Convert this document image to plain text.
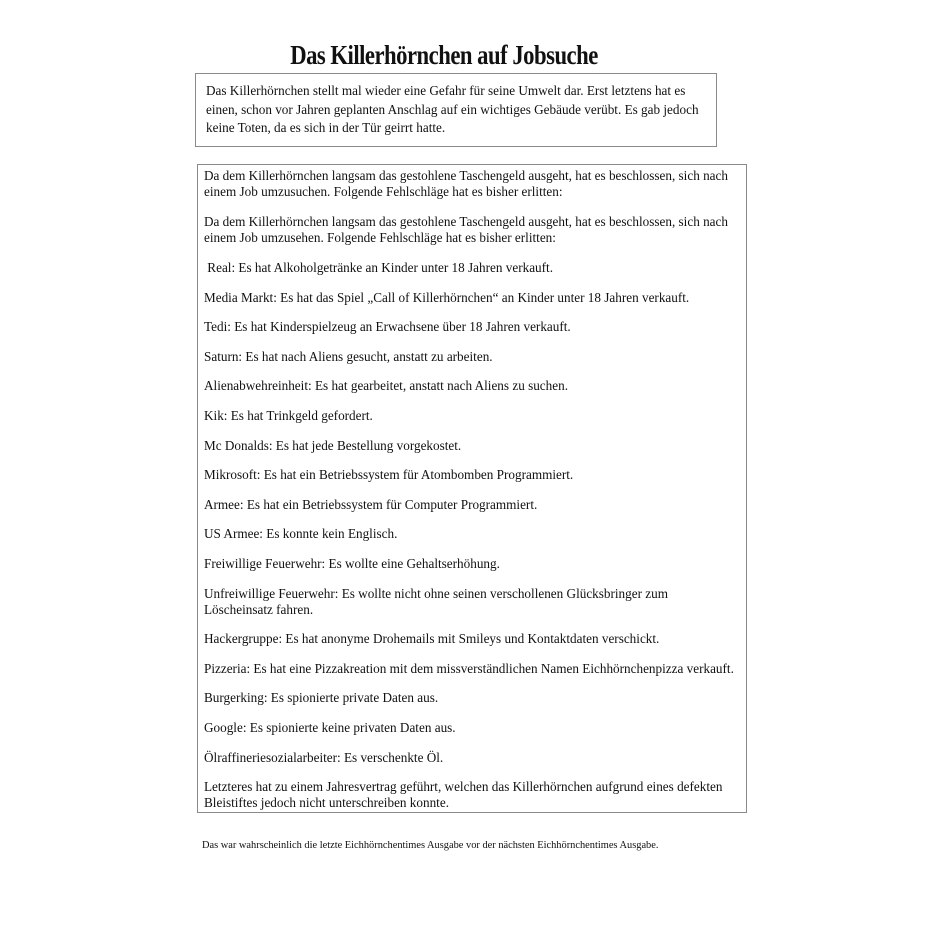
Das Killerhörnchen auf Jobsuche

Das Killerhörnchen stellt mal wieder eine Gefahr für seine Umwelt dar. Erst letztens hat es einen, schon vor Jahren geplanten Anschlag auf ein wichtiges Gebäude verübt. Es gab jedoch keine Toten, da es sich in der Tür geirrt hatte.

Da dem Killerhörnchen langsam das gestohlene Taschengeld ausgeht, hat es beschlossen, sich nach einem Job umzusuchen. Folgende Fehlschläge hat es bisher erlitten:

Da dem Killerhörnchen langsam das gestohlene Taschengeld ausgeht, hat es beschlossen, sich nach einem Job umzusehen. Folgende Fehlschläge hat es bisher erlitten:

Real: Es hat Alkoholgetränke an Kinder unter 18 Jahren verkauft.
Media Markt: Es hat das Spiel „Call of Killerhörnchen“ an Kinder unter 18 Jahren verkauft.
Tedi: Es hat Kinderspielzeug an Erwachsene über 18 Jahren verkauft.
Saturn: Es hat nach Aliens gesucht, anstatt zu arbeiten.
Alienabwehreinheit: Es hat gearbeitet, anstatt nach Aliens zu suchen.
Kik: Es hat Trinkgeld gefordert.
Mc Donalds: Es hat jede Bestellung vorgekostet.
Mikrosoft: Es hat ein Betriebssystem für Atombomben Programmiert.
Armee: Es hat ein Betriebssystem für Computer Programmiert.
US Armee: Es konnte kein Englisch.
Freiwillige Feuerwehr: Es wollte eine Gehaltserhöhung.
Unfreiwillige Feuerwehr: Es wollte nicht ohne seinen verschollenen Glücksbringer zum Löscheinsatz fahren.
Hackergruppe: Es hat anonyme Drohemails mit Smileys und Kontaktdaten verschickt.
Pizzeria: Es hat eine Pizzakreation mit dem missverständlichen Namen Eichhörnchenpizza verkauft.
Burgerking: Es spionierte private Daten aus.
Google: Es spionierte keine privaten Daten aus.
Ölraffineriesozialarbeiter: Es verschenkte Öl.

Letzteres hat zu einem Jahresvertrag geführt, welchen das Killerhörnchen aufgrund eines defekten Bleistiftes jedoch nicht unterschreiben konnte.

Das war wahrscheinlich die letzte Eichhörnchentimes Ausgabe vor der nächsten Eichhörnchentimes Ausgabe.
